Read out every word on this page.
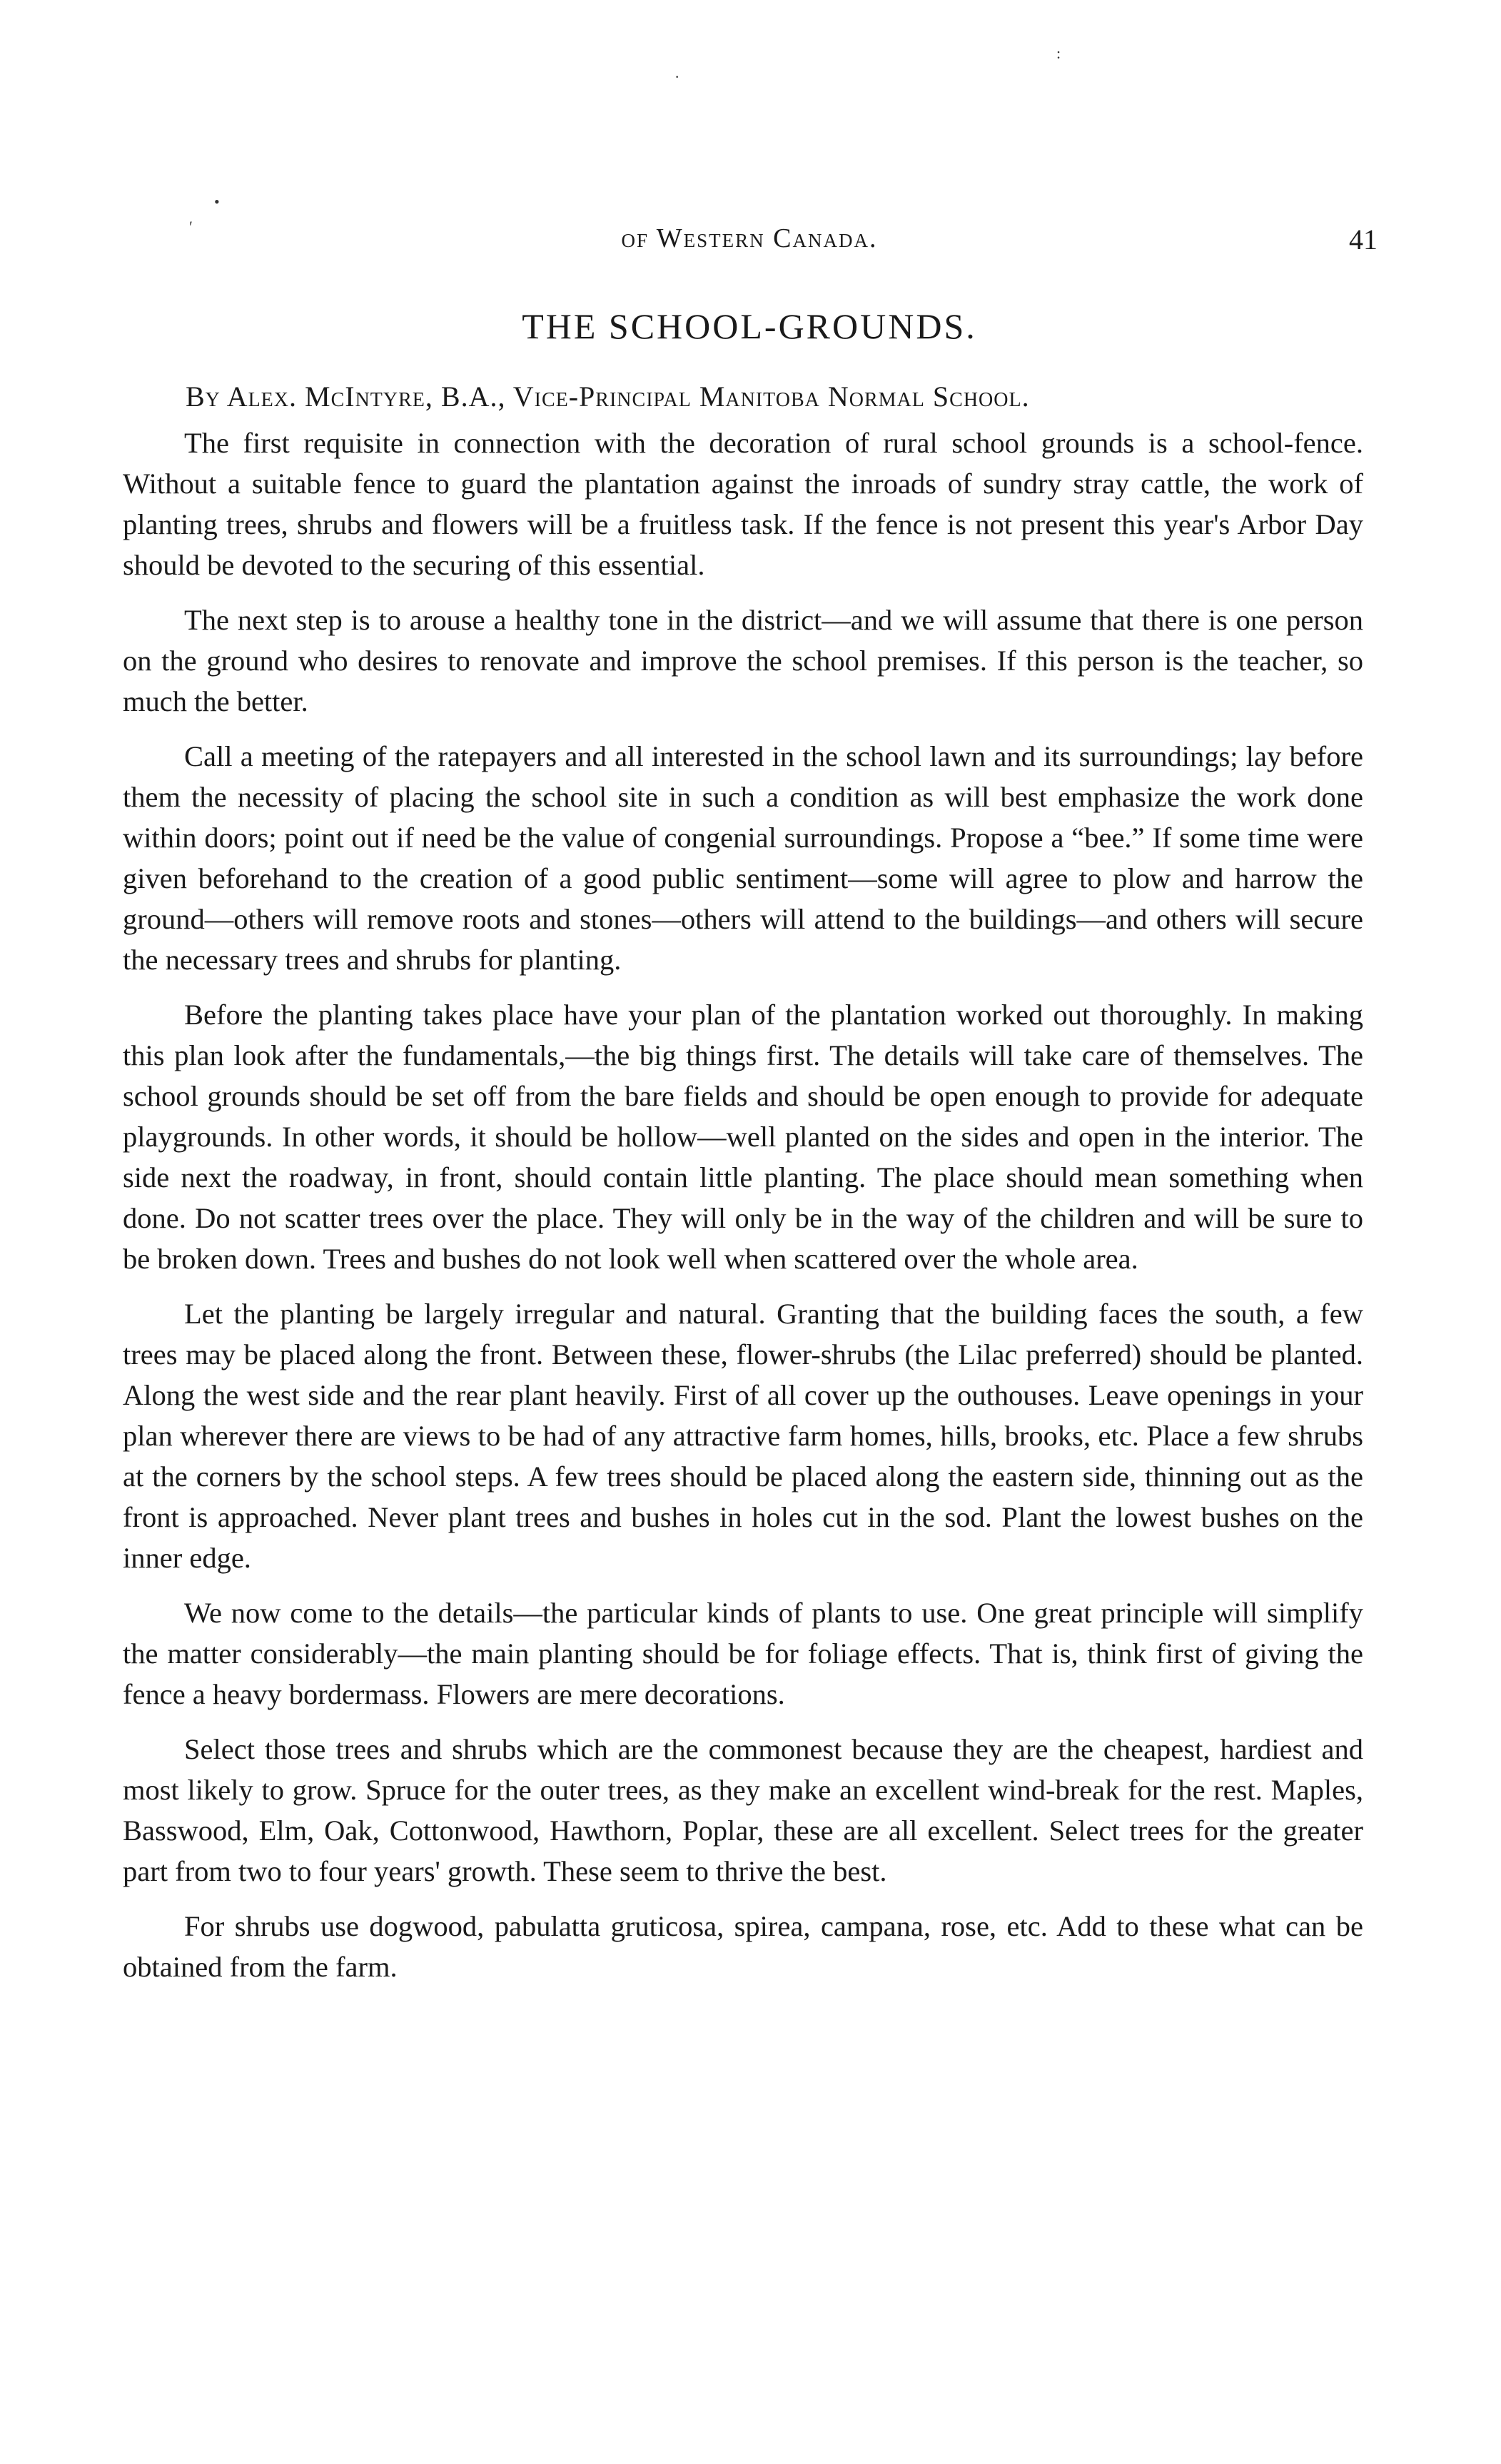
•
′
·
:
of Western Canada.	41
THE SCHOOL-GROUNDS.
By Alex. McIntyre, B.A., Vice-Principal Manitoba Normal School.

The first requisite in connection with the decoration of rural school grounds is a school-fence. Without a suitable fence to guard the plantation against the inroads of sundry stray cattle, the work of planting trees, shrubs and flowers will be a fruitless task. If the fence is not present this year's Arbor Day should be devoted to the securing of this essential.

The next step is to arouse a healthy tone in the district—and we will assume that there is one person on the ground who desires to renovate and improve the school premises. If this person is the teacher, so much the better.

Call a meeting of the ratepayers and all interested in the school lawn and its surroundings; lay before them the necessity of placing the school site in such a condition as will best emphasize the work done within doors; point out if need be the value of congenial surroundings. Propose a “bee.” If some time were given beforehand to the creation of a good public sentiment—some will agree to plow and harrow the ground—others will remove roots and stones—others will attend to the buildings—and others will secure the necessary trees and shrubs for planting.

Before the planting takes place have your plan of the plantation worked out thoroughly. In making this plan look after the fundamentals,—the big things first. The details will take care of themselves. The school grounds should be set off from the bare fields and should be open enough to provide for adequate playgrounds. In other words, it should be hollow—well planted on the sides and open in the interior. The side next the roadway, in front, should contain little planting. The place should mean something when done. Do not scatter trees over the place. They will only be in the way of the children and will be sure to be broken down. Trees and bushes do not look well when scattered over the whole area.

Let the planting be largely irregular and natural. Granting that the building faces the south, a few trees may be placed along the front. Between these, flower-shrubs (the Lilac preferred) should be planted. Along the west side and the rear plant heavily. First of all cover up the outhouses. Leave openings in your plan wherever there are views to be had of any attractive farm homes, hills, brooks, etc. Place a few shrubs at the corners by the school steps. A few trees should be placed along the eastern side, thinning out as the front is approached. Never plant trees and bushes in holes cut in the sod. Plant the lowest bushes on the inner edge.

We now come to the details—the particular kinds of plants to use. One great principle will simplify the matter considerably—the main planting should be for foliage effects. That is, think first of giving the fence a heavy bordermass. Flowers are mere decorations.

Select those trees and shrubs which are the commonest because they are the cheapest, hardiest and most likely to grow. Spruce for the outer trees, as they make an excellent wind-break for the rest. Maples, Basswood, Elm, Oak, Cottonwood, Hawthorn, Poplar, these are all excellent. Select trees for the greater part from two to four years' growth. These seem to thrive the best.

For shrubs use dogwood, pabulatta gruticosa, spirea, campana, rose, etc. Add to these what can be obtained from the farm.
